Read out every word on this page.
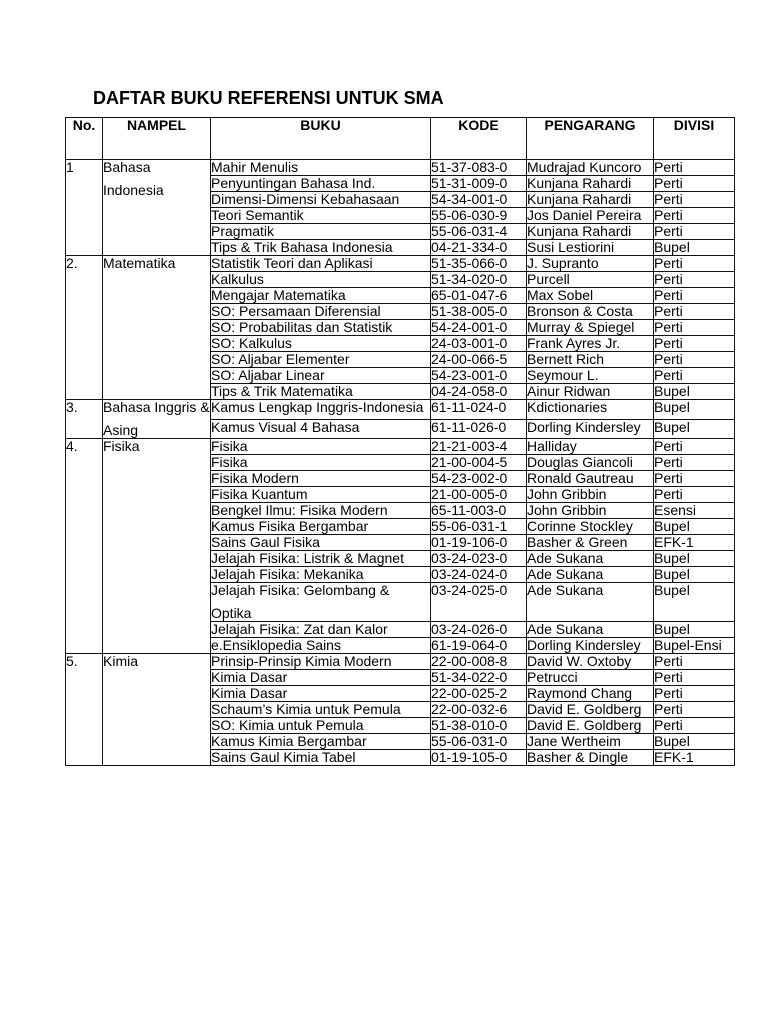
DAFTAR BUKU REFERENSI UNTUK SMA
No.	NAMPEL	BUKU	KODE	PENGARANG	DIVISI

1	Bahasa Indonesia	Mahir Menulis	51-37-083-0	Mudrajad Kuncoro	Perti

		Penyuntingan Bahasa Ind.	51-31-009-0	Kunjana Rahardi	Perti

		Dimensi-Dimensi Kebahasaan	54-34-001-0	Kunjana Rahardi	Perti

		Teori Semantik	55-06-030-9	Jos Daniel Pereira	Perti

		Pragmatik	55-06-031-4	Kunjana Rahardi	Perti

		Tips & Trik Bahasa Indonesia	04-21-334-0	Susi Lestiorini	Bupel

2.	Matematika	Statistik Teori dan Aplikasi	51-35-066-0	J. Supranto	Perti

		Kalkulus	51-34-020-0	Purcell	Perti

		Mengajar Matematika	65-01-047-6	Max Sobel	Perti

		SO: Persamaan Diferensial	51-38-005-0	Bronson & Costa	Perti

		SO: Probabilitas dan Statistik	54-24-001-0	Murray & Spiegel	Perti

		SO: Kalkulus	24-03-001-0	Frank Ayres Jr.	Perti

		SO: Aljabar Elementer	24-00-066-5	Bernett Rich	Perti

		SO: Aljabar Linear	54-23-001-0	Seymour L.	Perti

		Tips & Trik Matematika	04-24-058-0	Ainur Ridwan	Bupel

3.	Bahasa Inggris & Asing	Kamus Lengkap Inggris-Indonesia	61-11-024-0	Kdictionaries	Bupel

		Kamus Visual 4 Bahasa	61-11-026-0	Dorling Kindersley	Bupel

4.	Fisika	Fisika	21-21-003-4	Halliday	Perti

		Fisika	21-00-004-5	Douglas Giancoli	Perti

		Fisika Modern	54-23-002-0	Ronald Gautreau	Perti

		Fisika Kuantum	21-00-005-0	John Gribbin	Perti

		Bengkel Ilmu: Fisika Modern	65-11-003-0	John Gribbin	Esensi

		Kamus Fisika Bergambar	55-06-031-1	Corinne Stockley	Bupel

		Sains Gaul Fisika	01-19-106-0	Basher & Green	EFK-1

		Jelajah Fisika: Listrik & Magnet	03-24-023-0	Ade Sukana	Bupel

		Jelajah Fisika: Mekanika	03-24-024-0	Ade Sukana	Bupel

		Jelajah Fisika: Gelombang & Optika	03-24-025-0	Ade Sukana	Bupel

		Jelajah Fisika: Zat dan Kalor	03-24-026-0	Ade Sukana	Bupel

		e.Ensiklopedia Sains	61-19-064-0	Dorling Kindersley	Bupel-Ensi

5.	Kimia	Prinsip-Prinsip Kimia Modern	22-00-008-8	David W. Oxtoby	Perti

		Kimia Dasar	51-34-022-0	Petrucci	Perti

		Kimia Dasar	22-00-025-2	Raymond Chang	Perti

		Schaum’s Kimia untuk Pemula	22-00-032-6	David E. Goldberg	Perti

		SO: Kimia untuk Pemula	51-38-010-0	David E. Goldberg	Perti

		Kamus Kimia Bergambar	55-06-031-0	Jane Wertheim	Bupel

		Sains Gaul Kimia Tabel	01-19-105-0	Basher & Dingle	EFK-1
